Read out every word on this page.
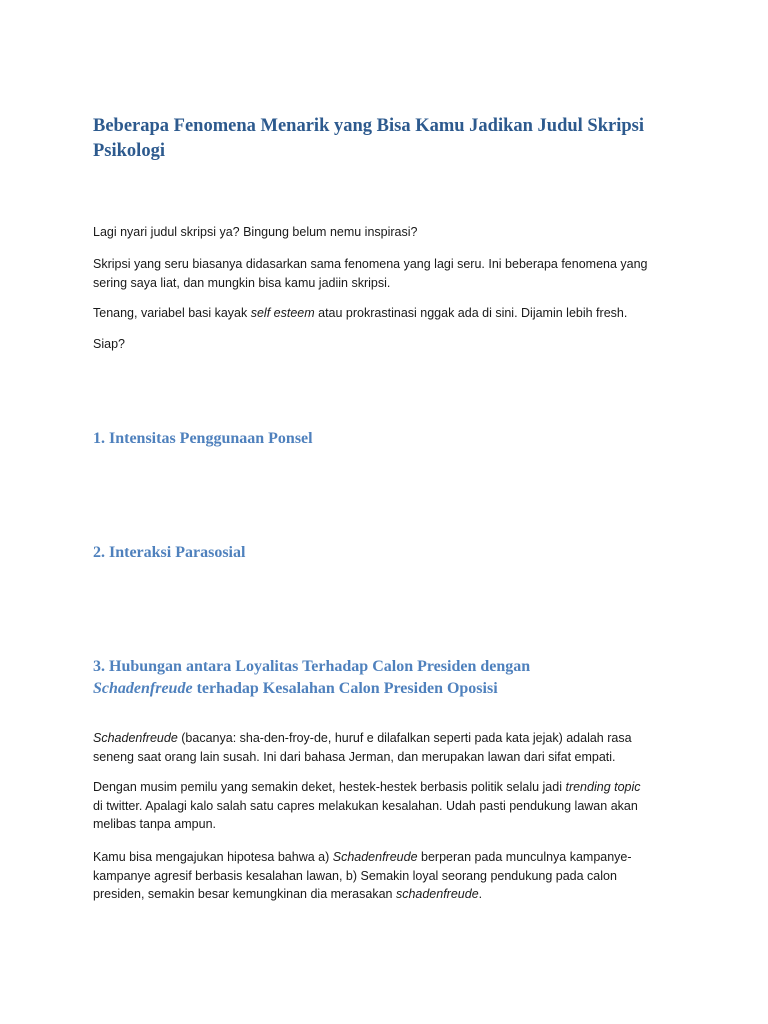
Beberapa Fenomena Menarik yang Bisa Kamu Jadikan Judul Skripsi
Psikologi

Lagi nyari judul skripsi ya? Bingung belum nemu inspirasi?

Skripsi yang seru biasanya didasarkan sama fenomena yang lagi seru. Ini beberapa fenomena yang
sering saya liat, dan mungkin bisa kamu jadiin skripsi.

Tenang, variabel basi kayak self esteem atau prokrastinasi nggak ada di sini. Dijamin lebih fresh.

Siap?

1. Intensitas Penggunaan Ponsel
2. Interaksi Parasosial
3. Hubungan antara Loyalitas Terhadap Calon Presiden dengan
Schadenfreude terhadap Kesalahan Calon Presiden Oposisi

Schadenfreude (bacanya: sha-den-froy-de, huruf e dilafalkan seperti pada kata jejak) adalah rasa
seneng saat orang lain susah. Ini dari bahasa Jerman, dan merupakan lawan dari sifat empati.

Dengan musim pemilu yang semakin deket, hestek-hestek berbasis politik selalu jadi trending topic
di twitter. Apalagi kalo salah satu capres melakukan kesalahan. Udah pasti pendukung lawan akan
melibas tanpa ampun.

Kamu bisa mengajukan hipotesa bahwa a) Schadenfreude berperan pada munculnya kampanye-
kampanye agresif berbasis kesalahan lawan, b) Semakin loyal seorang pendukung pada calon
presiden, semakin besar kemungkinan dia merasakan schadenfreude.
